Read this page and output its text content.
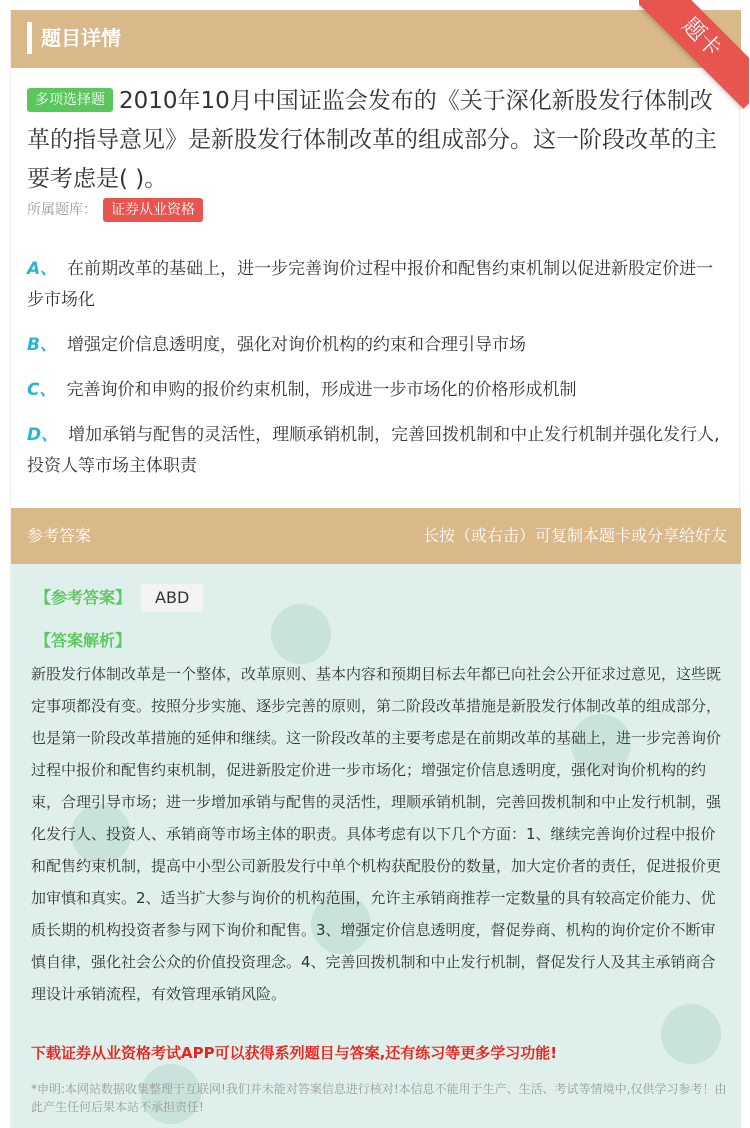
题目详情
多项选择题 2010年10月中国证监会发布的《关于深化新股发行体制改革的指导意见》是新股发行体制改革的组成部分。这一阶段改革的主要考虑是( )。
所属题库： 证券从业资格
A、 在前期改革的基础上，进一步完善询价过程中报价和配售约束机制以促进新股定价进一步市场化
B、 增强定价信息透明度，强化对询价机构的约束和合理引导市场
C、 完善询价和申购的报价约束机制，形成进一步市场化的价格形成机制
D、 增加承销与配售的灵活性，理顺承销机制，完善回拨机制和中止发行机制并强化发行人,投资人等市场主体职责
参考答案	长按（或右击）可复制本题卡或分享给好友
【参考答案】 ABD
【答案解析】
新股发行体制改革是一个整体，改革原则、基本内容和预期目标去年都已向社会公开征求过意见，这些既定事项都没有变。按照分步实施、逐步完善的原则，第二阶段改革措施是新股发行体制改革的组成部分，也是第一阶段改革措施的延伸和继续。这一阶段改革的主要考虑是在前期改革的基础上，进一步完善询价过程中报价和配售约束机制，促进新股定价进一步市场化；增强定价信息透明度，强化对询价机构的约束，合理引导市场；进一步增加承销与配售的灵活性，理顺承销机制，完善回拨机制和中止发行机制，强化发行人、投资人、承销商等市场主体的职责。具体考虑有以下几个方面：1、继续完善询价过程中报价和配售约束机制，提高中小型公司新股发行中单个机构获配股份的数量，加大定价者的责任，促进报价更加审慎和真实。2、适当扩大参与询价的机构范围，允许主承销商推荐一定数量的具有较高定价能力、优质长期的机构投资者参与网下询价和配售。3、增强定价信息透明度，督促券商、机构的询价定价不断审慎自律，强化社会公众的价值投资理念。4、完善回拨机制和中止发行机制，督促发行人及其主承销商合理设计承销流程，有效管理承销风险。
下载证券从业资格考试APP可以获得系列题目与答案,还有练习等更多学习功能!
*申明:本网站数据收集整理于互联网!我们并未能对答案信息进行核对!本信息不能用于生产、生活、考试等情境中,仅供学习参考！由此产生任何后果本站不承担责任!
题卡
